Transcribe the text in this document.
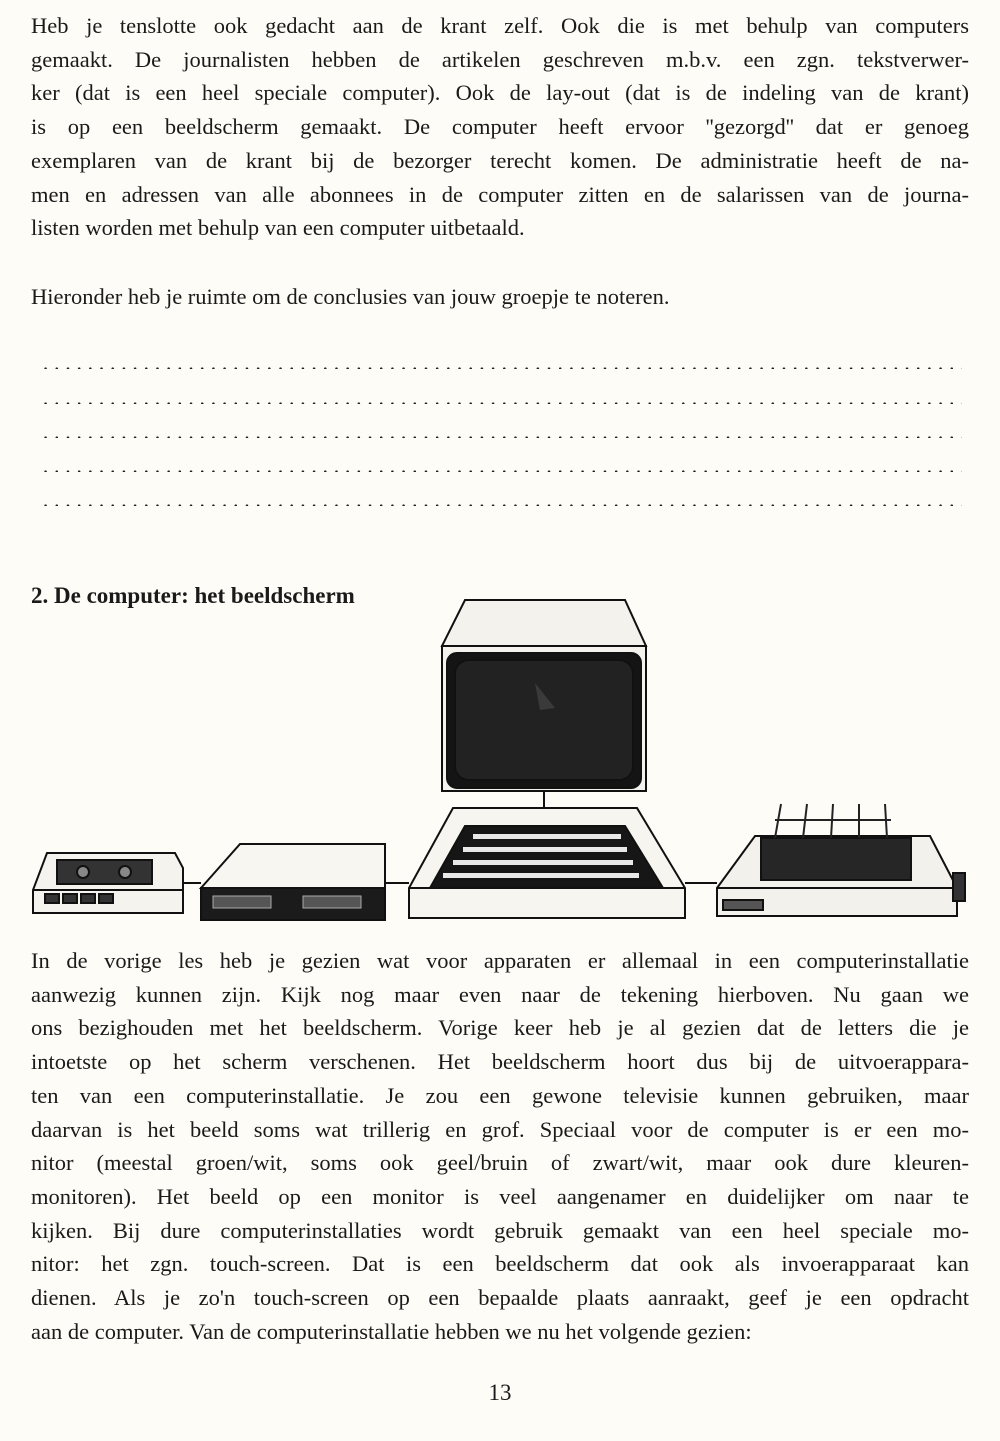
Heb je tenslotte ook gedacht aan de krant zelf. Ook die is met behulp van computers
gemaakt. De journalisten hebben de artikelen geschreven m.b.v. een zgn. tekstverwer-
ker (dat is een heel speciale computer). Ook de lay-out (dat is de indeling van de krant)
is op een beeldscherm gemaakt. De computer heeft ervoor ''gezorgd'' dat er genoeg
exemplaren van de krant bij de bezorger terecht komen. De administratie heeft de na-
men en adressen van alle abonnees in de computer zitten en de salarissen van de journa-
listen worden met behulp van een computer uitbetaald.
Hieronder heb je ruimte om de conclusies van jouw groepje te noteren.
2. De computer: het beeldscherm
In de vorige les heb je gezien wat voor apparaten er allemaal in een computerinstallatie
aanwezig kunnen zijn. Kijk nog maar even naar de tekening hierboven. Nu gaan we
ons bezighouden met het beeldscherm. Vorige keer heb je al gezien dat de letters die je
intoetste op het scherm verschenen. Het beeldscherm hoort dus bij de uitvoerappara-
ten van een computerinstallatie. Je zou een gewone televisie kunnen gebruiken, maar
daarvan is het beeld soms wat trillerig en grof. Speciaal voor de computer is er een mo-
nitor (meestal groen/wit, soms ook geel/bruin of zwart/wit, maar ook dure kleuren-
monitoren). Het beeld op een monitor is veel aangenamer en duidelijker om naar te
kijken. Bij dure computerinstallaties wordt gebruik gemaakt van een heel speciale mo-
nitor: het zgn. touch-screen. Dat is een beeldscherm dat ook als invoerapparaat kan
dienen. Als je zo'n touch-screen op een bepaalde plaats aanraakt, geef je een opdracht
aan de computer. Van de computerinstallatie hebben we nu het volgende gezien:
13
